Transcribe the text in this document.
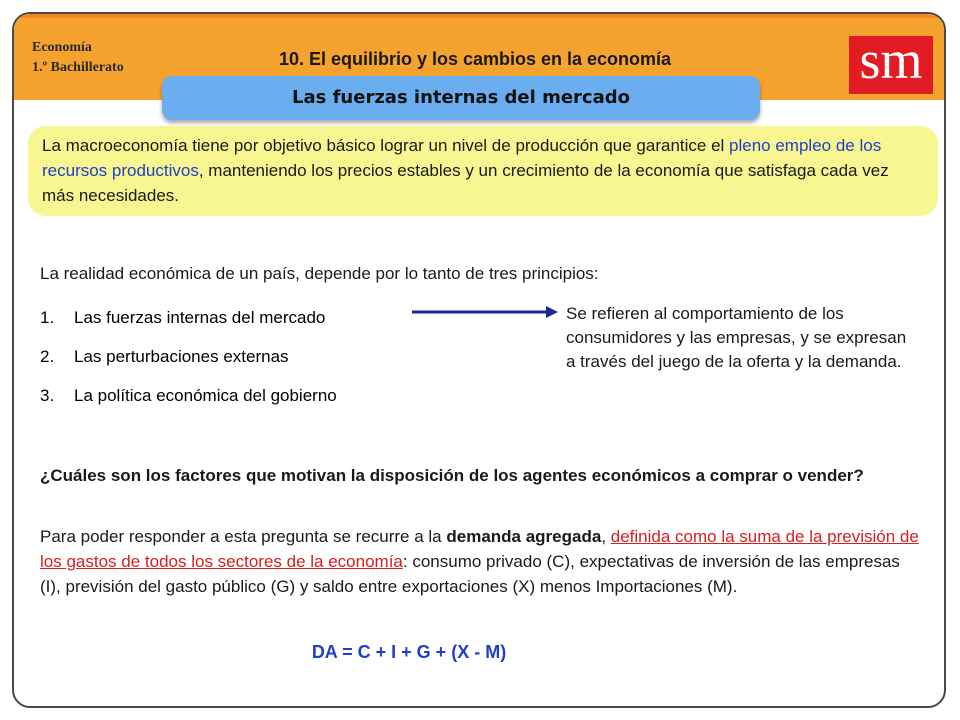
Economía
1.º Bachillerato	10. El equilibrio y los cambios en la economía	sm
Las fuerzas internas del mercado
La macroeconomía tiene por objetivo básico lograr un nivel de producción que garantice el pleno empleo de los recursos productivos, manteniendo los precios estables y un crecimiento de la economía que satisfaga cada vez más necesidades.
La realidad económica de un país, depende por lo tanto de tres principios:
1. Las fuerzas internas del mercado
2. Las perturbaciones externas
3. La política económica del gobierno
Se refieren al comportamiento de los consumidores y las empresas, y se expresan a través del juego de la oferta y la demanda.
¿Cuáles son los factores que motivan la disposición de los agentes económicos a comprar o vender?
Para poder responder a esta pregunta se recurre a la demanda agregada, definida como la suma de la previsión de los gastos de todos los sectores de la economía: consumo privado (C), expectativas de inversión de las empresas (I), previsión del gasto público (G) y saldo entre exportaciones (X) menos Importaciones (M).
DA = C + I + G + (X - M)
